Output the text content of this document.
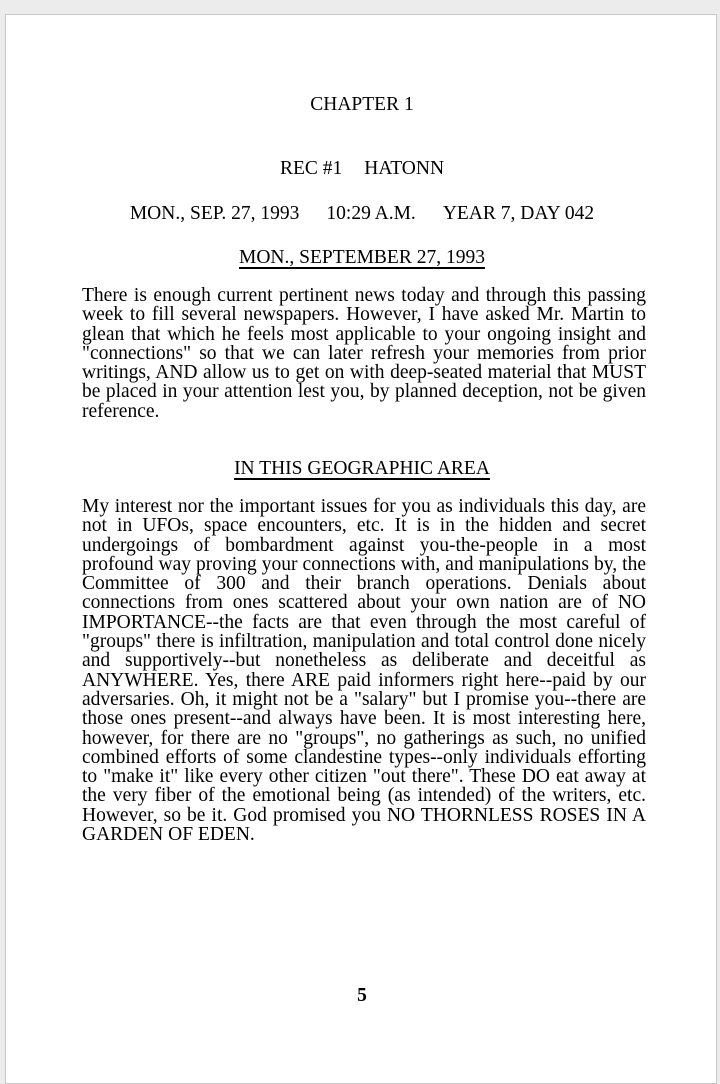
CHAPTER 1
REC #1 HATONN
MON., SEP. 27, 1993 10:29 A.M. YEAR 7, DAY 042
MON., SEPTEMBER 27, 1993

There is enough current pertinent news today and through this passing week to fill several newspapers. However, I have asked Mr. Martin to glean that which he feels most applicable to your ongoing insight and "connections" so that we can later refresh your memories from prior writings, AND allow us to get on with deep-seated material that MUST be placed in your attention lest you, by planned deception, not be given reference.

IN THIS GEOGRAPHIC AREA

My interest nor the important issues for you as individuals this day, are not in UFOs, space encounters, etc. It is in the hidden and secret undergoings of bombardment against you-the-people in a most profound way proving your connections with, and manipulations by, the Committee of 300 and their branch operations. Denials about connections from ones scattered about your own nation are of NO IMPORTANCE--the facts are that even through the most careful of "groups" there is infiltration, manipulation and total control done nicely and supportively--but nonetheless as deliberate and deceitful as ANYWHERE. Yes, there ARE paid informers right here--paid by our adversaries. Oh, it might not be a "salary" but I promise you--there are those ones present--and always have been. It is most interesting here, however, for there are no "groups", no gatherings as such, no unified combined efforts of some clandestine types--only individuals efforting to "make it" like every other citizen "out there". These DO eat away at the very fiber of the emotional being (as intended) of the writers, etc. However, so be it. God promised you NO THORNLESS ROSES IN A GARDEN OF EDEN.

5
